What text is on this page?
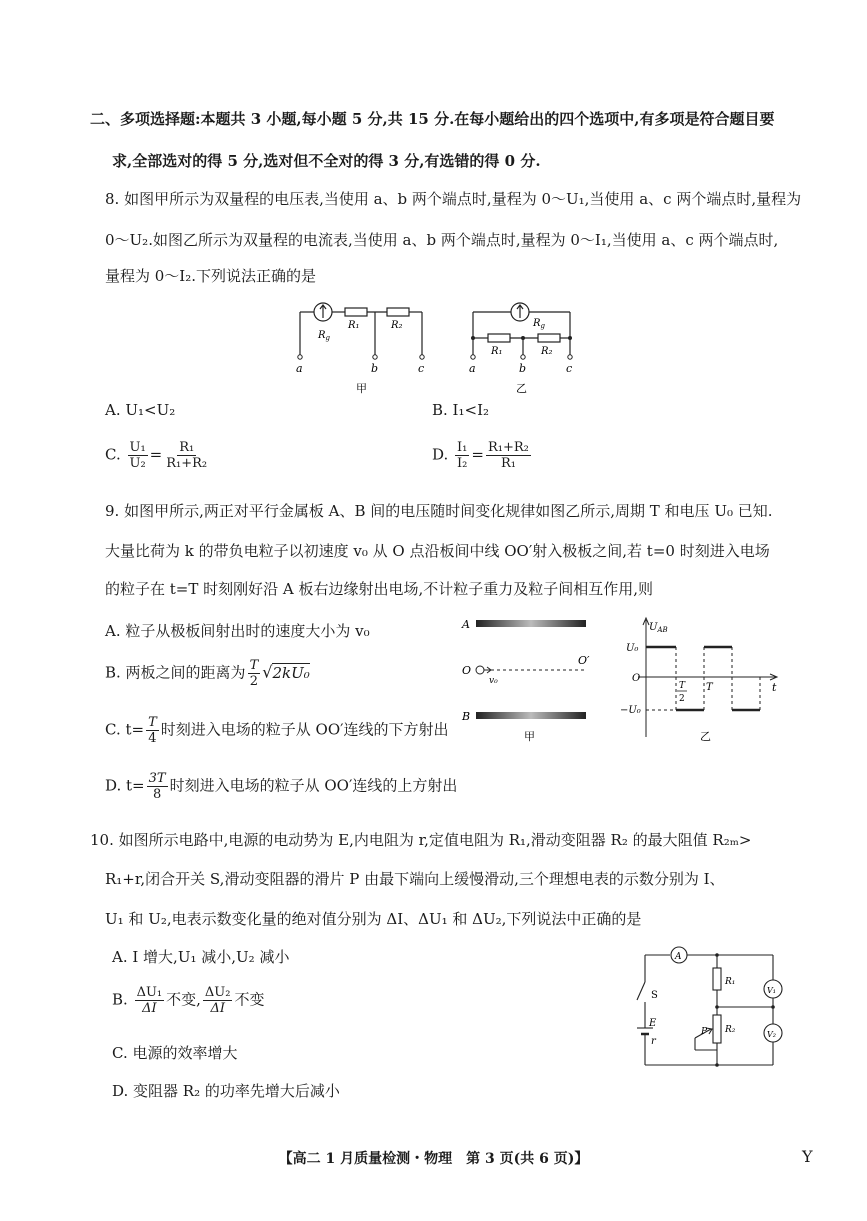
二、多项选择题:本题共 3 小题,每小题 5 分,共 15 分.在每小题给出的四个选项中,有多项是符合题目要
求,全部选对的得 5 分,选对但不全对的得 3 分,有选错的得 0 分.
8. 如图甲所示为双量程的电压表,当使用 a、b 两个端点时,量程为 0～U₁,当使用 a、c 两个端点时,量程为
0～U₂.如图乙所示为双量程的电流表,当使用 a、b 两个端点时,量程为 0～I₁,当使用 a、c 两个端点时,
量程为 0～I₂.下列说法正确的是
$R_g$
R₁	R₂
a	b	c
甲
$R_g$
R₁	R₂
a	b	c
乙
A. U₁<U₂	B. I₁<I₂
C. $\frac{\text{U₁}}{\text{U₂}} = \frac{\text{R₁}}{\text{R₁+R₂}}$	D. $\frac{\text{I₁}}{\text{I₂}} = \frac{\text{R₁+R₂}}{\text{R₁}}$
9. 如图甲所示,两正对平行金属板 A、B 间的电压随时间变化规律如图乙所示,周期 T 和电压 U₀ 已知.
大量比荷为 k 的带负电粒子以初速度 v₀ 从 O 点沿板间中线 OO′射入极板之间,若 t=0 时刻进入电场
的粒子在 t=T 时刻刚好沿 A 板右边缘射出电场,不计粒子重力及粒子间相互作用,则
A. 粒子从极板间射出时的速度大小为 v₀
B. 两板之间的距离为 $\frac{T}{2} √2kU_0$
C. $t= \frac{T}{4}$ 时刻进入电场的粒子从 OO′连线的下方射出
D. $t= \frac{3T}{8}$ 时刻进入电场的粒子从 OO′连线的上方射出
A
B
O
O′
v₀
甲
$U_{AB}$
U₀
O
−U₀
T
2
T	t
乙
10. 如图所示电路中,电源的电动势为 E,内电阻为 r,定值电阻为 R₁,滑动变阻器 R₂ 的最大阻值 R₂ₘ>
R₁+r,闭合开关 S,滑动变阻器的滑片 P 由最下端向上缓慢滑动,三个理想电表的示数分别为 I、
U₁ 和 U₂,电表示数变化量的绝对值分别为 ΔI、ΔU₁ 和 ΔU₂,下列说法中正确的是
A. I 增大,U₁ 减小,U₂ 减小
B. $\frac{\text{ΔU₁}}{\Delta I}$ 不变, $\frac{\text{ΔU₂}}{\Delta I}$ 不变
C. 电源的效率增大
D. 变阻器 R₂ 的功率先增大后减小
A
V₁
V₂
R₁
R₂
S
E
r
P
【高二 1 月质量检测・物理　第 3 页(共 6 页)】	Y
